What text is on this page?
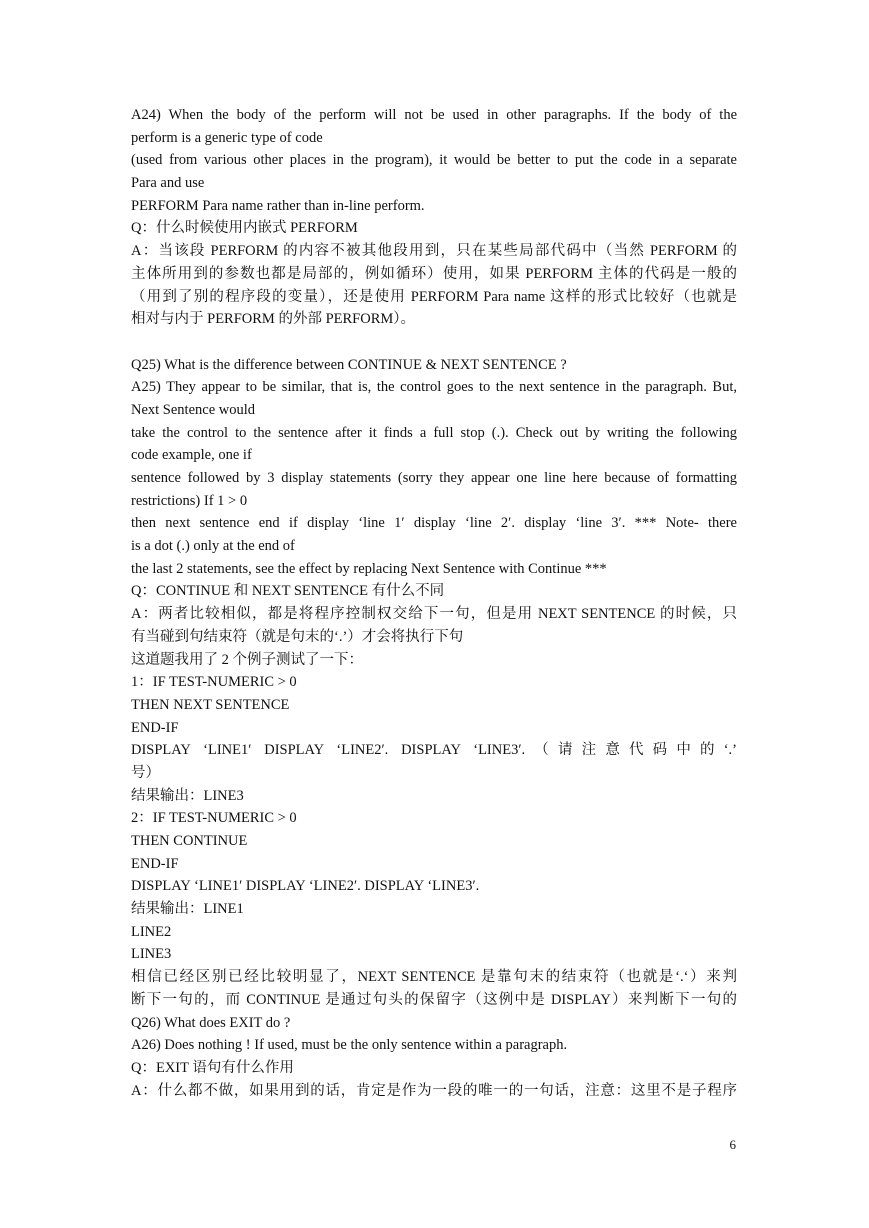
A24) When the body of the perform will not be used in other paragraphs. If the body of the
perform is a generic type of code
(used from various other places in the program), it would be better to put the code in a separate
Para and use
PERFORM Para name rather than in-line perform.
Q：什么时候使用内嵌式 PERFORM
A：当该段 PERFORM 的内容不被其他段用到，只在某些局部代码中（当然 PERFORM 的
主体所用到的参数也都是局部的，例如循环）使用，如果 PERFORM 主体的代码是一般的
（用到了别的程序段的变量），还是使用 PERFORM Para name 这样的形式比较好（也就是
相对与内于 PERFORM 的外部 PERFORM）。
Q25) What is the difference between CONTINUE & NEXT SENTENCE ?
A25) They appear to be similar, that is, the control goes to the next sentence in the paragraph. But,
Next Sentence would
take the control to the sentence after it finds a full stop (.). Check out by writing the following
code example, one if
sentence followed by 3 display statements (sorry they appear one line here because of formatting
restrictions) If 1 > 0
then next sentence end if display ‘line 1′ display ‘line 2′. display ‘line 3′. *** Note- there
is a dot (.) only at the end of
the last 2 statements, see the effect by replacing Next Sentence with Continue ***
Q：CONTINUE 和 NEXT SENTENCE 有什么不同
A：两者比较相似，都是将程序控制权交给下一句，但是用 NEXT SENTENCE 的时候，只
有当碰到句结束符（就是句末的‘.’）才会将执行下句
这道题我用了 2 个例子测试了一下：
1：IF TEST-NUMERIC > 0
THEN NEXT SENTENCE
END-IF
DISPLAY ‘LINE1′ DISPLAY ‘LINE2′. DISPLAY ‘LINE3′.（请注意代码中的‘.’
号）
结果输出：LINE3
2：IF TEST-NUMERIC > 0
THEN CONTINUE
END-IF
DISPLAY ‘LINE1′ DISPLAY ‘LINE2′. DISPLAY ‘LINE3′.
结果输出：LINE1
LINE2
LINE3
相信已经区别已经比较明显了，NEXT SENTENCE 是靠句末的结束符（也就是‘.‘）来判
断下一句的，而 CONTINUE 是通过句头的保留字（这例中是 DISPLAY）来判断下一句的
Q26) What does EXIT do ?
A26) Does nothing ! If used, must be the only sentence within a paragraph.
Q：EXIT 语句有什么作用
A：什么都不做，如果用到的话，肯定是作为一段的唯一的一句话，注意：这里不是子程序
6
